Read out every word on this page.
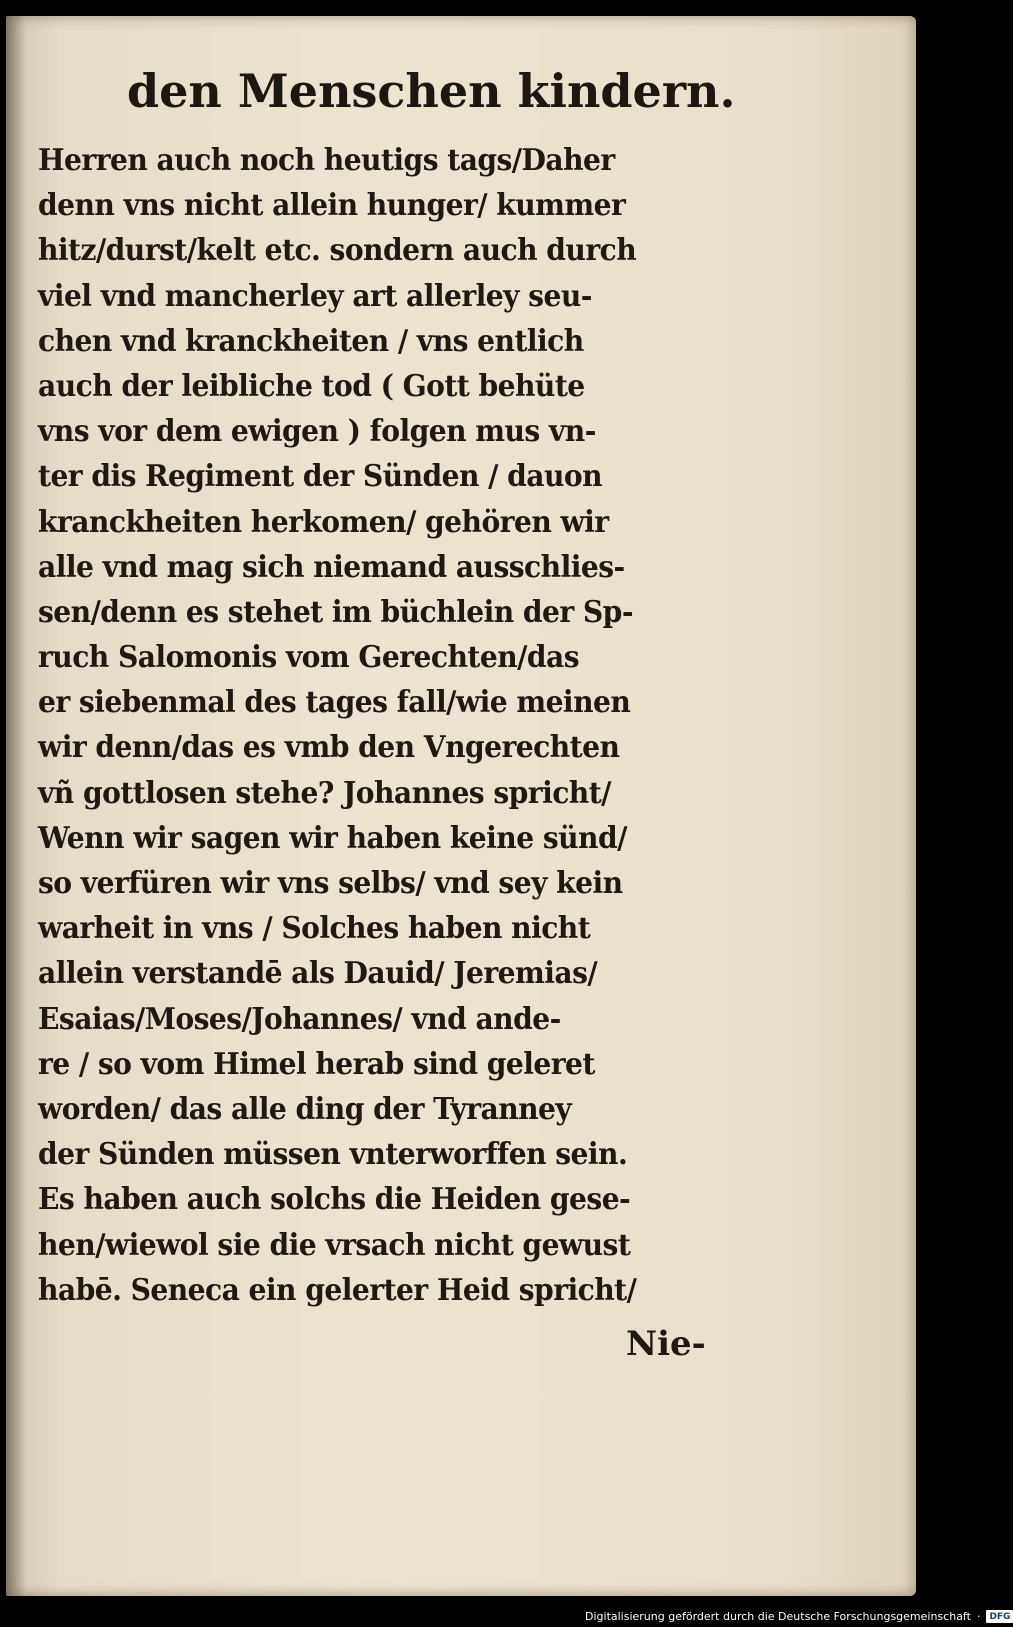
den Menschen kindern.
Herren auch noch heutigs tags/Daher
denn vns nicht allein hunger/ kummer
hitz/durst/kelt etc. sondern auch durch
viel vnd mancherley art allerley seu-
chen vnd kranckheiten / vns entlich
auch der leibliche tod ( Gott behüte
vns vor dem ewigen ) folgen mus vn-
ter dis Regiment der Sünden / dauon
kranckheiten herkomen/ gehören wir
alle vnd mag sich niemand ausschlies-
sen/denn es stehet im büchlein der Sp-
ruch Salomonis vom Gerechten/das
er siebenmal des tages fall/wie meinen
wir denn/das es vmb den Vngerechten
vñ gottlosen stehe? Johannes spricht/
Wenn wir sagen wir haben keine sünd/
so verfüren wir vns selbs/ vnd sey kein
warheit in vns / Solches haben nicht
allein verstandē als Dauid/ Jeremias/
Esaias/Moses/Johannes/ vnd ande-
re / so vom Himel herab sind geleret
worden/ das alle ding der Tyranney
der Sünden müssen vnterworffen sein.
Es haben auch solchs die Heiden gese-
hen/wiewol sie die vrsach nicht gewust
habē. Seneca ein gelerter Heid spricht/
Nie-
Digitalisierung gefördert durch die Deutsche Forschungsgemeinschaft ·	DFG
